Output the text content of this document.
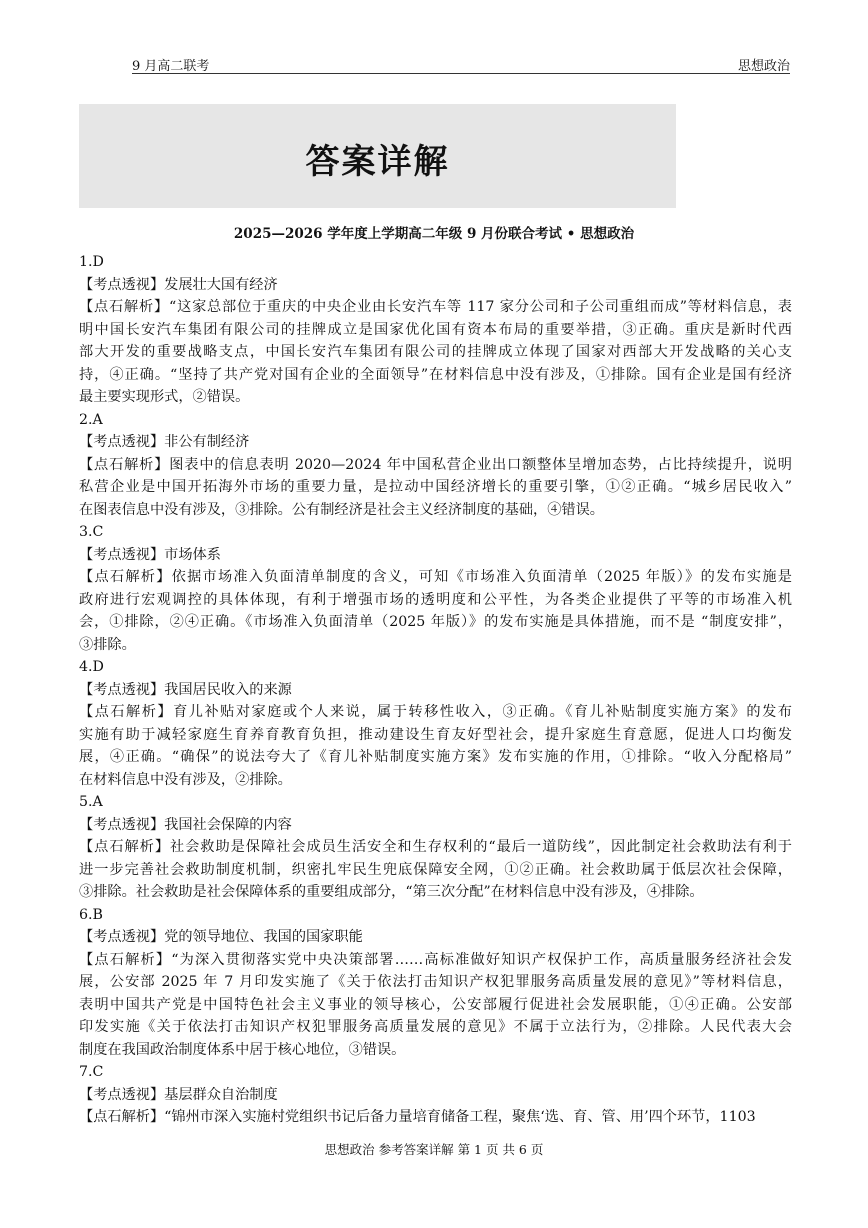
9 月高二联考	思想政治
答案详解
2025—2026 学年度上学期高二年级 9 月份联合考试 • 思想政治
1.D
【考点透视】发展壮大国有经济
【点石解析】“这家总部位于重庆的中央企业由长安汽车等 117 家分公司和子公司重组而成”等材料信息，表
明中国长安汽车集团有限公司的挂牌成立是国家优化国有资本布局的重要举措，③正确。重庆是新时代西
部大开发的重要战略支点，中国长安汽车集团有限公司的挂牌成立体现了国家对西部大开发战略的关心支
持，④正确。“坚持了共产党对国有企业的全面领导”在材料信息中没有涉及，①排除。国有企业是国有经济
最主要实现形式，②错误。
2.A
【考点透视】非公有制经济
【点石解析】图表中的信息表明 2020—2024 年中国私营企业出口额整体呈增加态势，占比持续提升，说明
私营企业是中国开拓海外市场的重要力量，是拉动中国经济增长的重要引擎，①②正确。“城乡居民收入”
在图表信息中没有涉及，③排除。公有制经济是社会主义经济制度的基础，④错误。
3.C
【考点透视】市场体系
【点石解析】依据市场准入负面清单制度的含义，可知《市场准入负面清单（2025 年版）》的发布实施是
政府进行宏观调控的具体体现，有利于增强市场的透明度和公平性，为各类企业提供了平等的市场准入机
会，①排除，②④正确。《市场准入负面清单（2025 年版）》的发布实施是具体措施，而不是 “制度安排”，
③排除。
4.D
【考点透视】我国居民收入的来源
【点石解析】育儿补贴对家庭或个人来说，属于转移性收入，③正确。《育儿补贴制度实施方案》的发布
实施有助于减轻家庭生育养育教育负担，推动建设生育友好型社会，提升家庭生育意愿，促进人口均衡发
展，④正确。“确保”的说法夸大了《育儿补贴制度实施方案》发布实施的作用，①排除。“收入分配格局”
在材料信息中没有涉及，②排除。
5.A
【考点透视】我国社会保障的内容
【点石解析】社会救助是保障社会成员生活安全和生存权利的“最后一道防线”，因此制定社会救助法有利于
进一步完善社会救助制度机制，织密扎牢民生兜底保障安全网，①②正确。社会救助属于低层次社会保障，
③排除。社会救助是社会保障体系的重要组成部分，“第三次分配”在材料信息中没有涉及，④排除。
6.B
【考点透视】党的领导地位、我国的国家职能
【点石解析】“为深入贯彻落实党中央决策部署……高标准做好知识产权保护工作，高质量服务经济社会发
展，公安部 2025 年 7 月印发实施了《关于依法打击知识产权犯罪服务高质量发展的意见》”等材料信息，
表明中国共产党是中国特色社会主义事业的领导核心，公安部履行促进社会发展职能，①④正确。公安部
印发实施《关于依法打击知识产权犯罪服务高质量发展的意见》不属于立法行为，②排除。人民代表大会
制度在我国政治制度体系中居于核心地位，③错误。
7.C
【考点透视】基层群众自治制度
【点石解析】“锦州市深入实施村党组织书记后备力量培育储备工程，聚焦‘选、育、管、用’四个环节，1103
思想政治 参考答案详解 第 1 页 共 6 页
